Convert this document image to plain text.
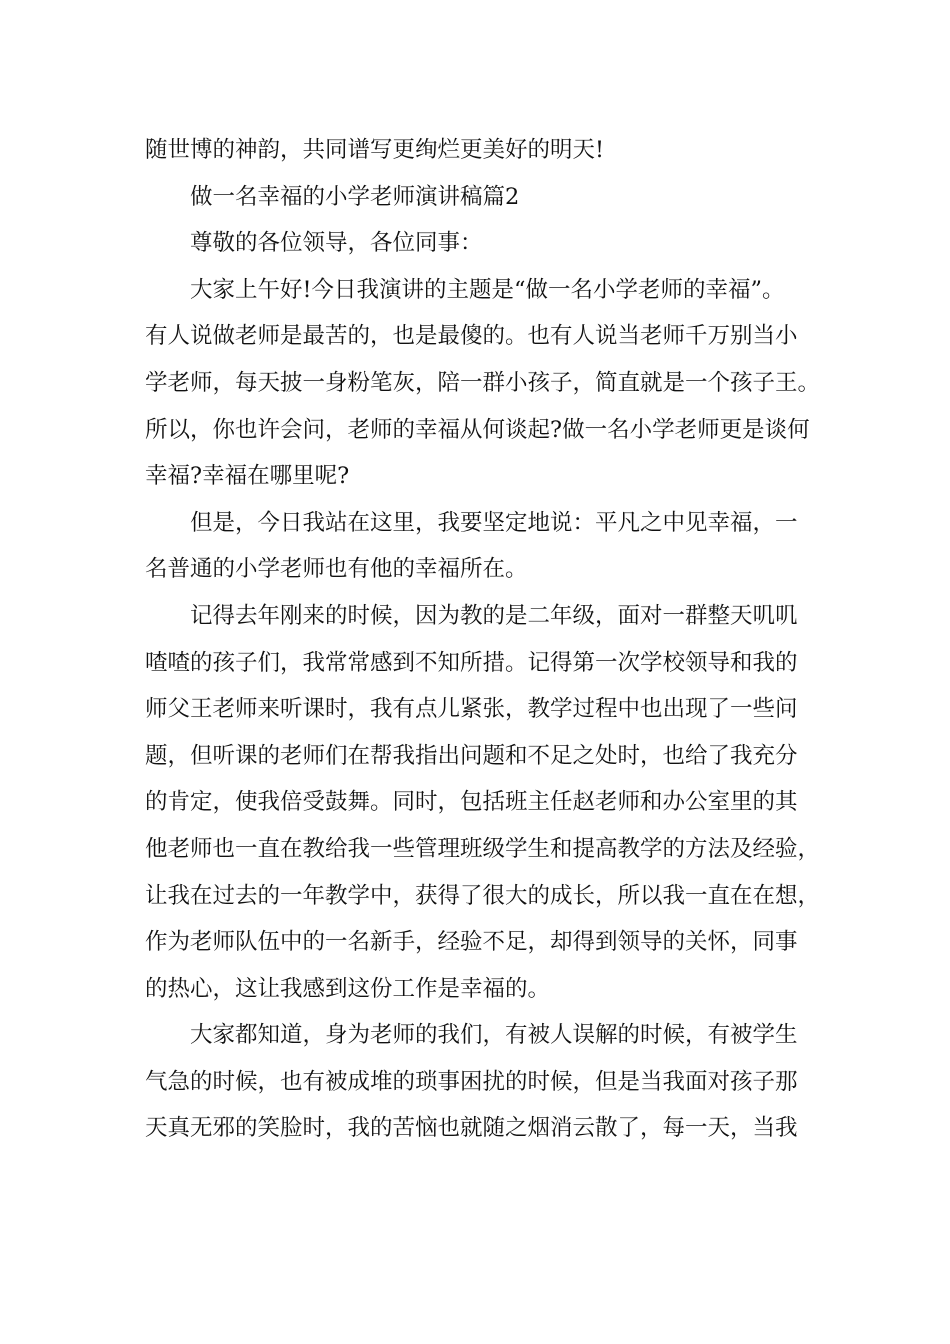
随世博的神韵，共同谱写更绚烂更美好的明天!

做一名幸福的小学老师演讲稿篇2

尊敬的各位领导，各位同事：

大家上午好!今日我演讲的主题是“做一名小学老师的幸福”。

有人说做老师是最苦的，也是最傻的。也有人说当老师千万别当小

学老师，每天披一身粉笔灰，陪一群小孩子，简直就是一个孩子王。

所以，你也许会问，老师的幸福从何谈起?做一名小学老师更是谈何

幸福?幸福在哪里呢?

但是，今日我站在这里，我要坚定地说：平凡之中见幸福，一

名普通的小学老师也有他的幸福所在。

记得去年刚来的时候，因为教的是二年级，面对一群整天叽叽

喳喳的孩子们，我常常感到不知所措。记得第一次学校领导和我的

师父王老师来听课时，我有点儿紧张，教学过程中也出现了一些问

题，但听课的老师们在帮我指出问题和不足之处时，也给了我充分

的肯定，使我倍受鼓舞。同时，包括班主任赵老师和办公室里的其

他老师也一直在教给我一些管理班级学生和提高教学的方法及经验，

让我在过去的一年教学中，获得了很大的成长，所以我一直在在想，

作为老师队伍中的一名新手，经验不足，却得到领导的关怀，同事

的热心，这让我感到这份工作是幸福的。

大家都知道，身为老师的我们，有被人误解的时候，有被学生

气急的时候，也有被成堆的琐事困扰的时候，但是当我面对孩子那

天真无邪的笑脸时，我的苦恼也就随之烟消云散了，每一天，当我
